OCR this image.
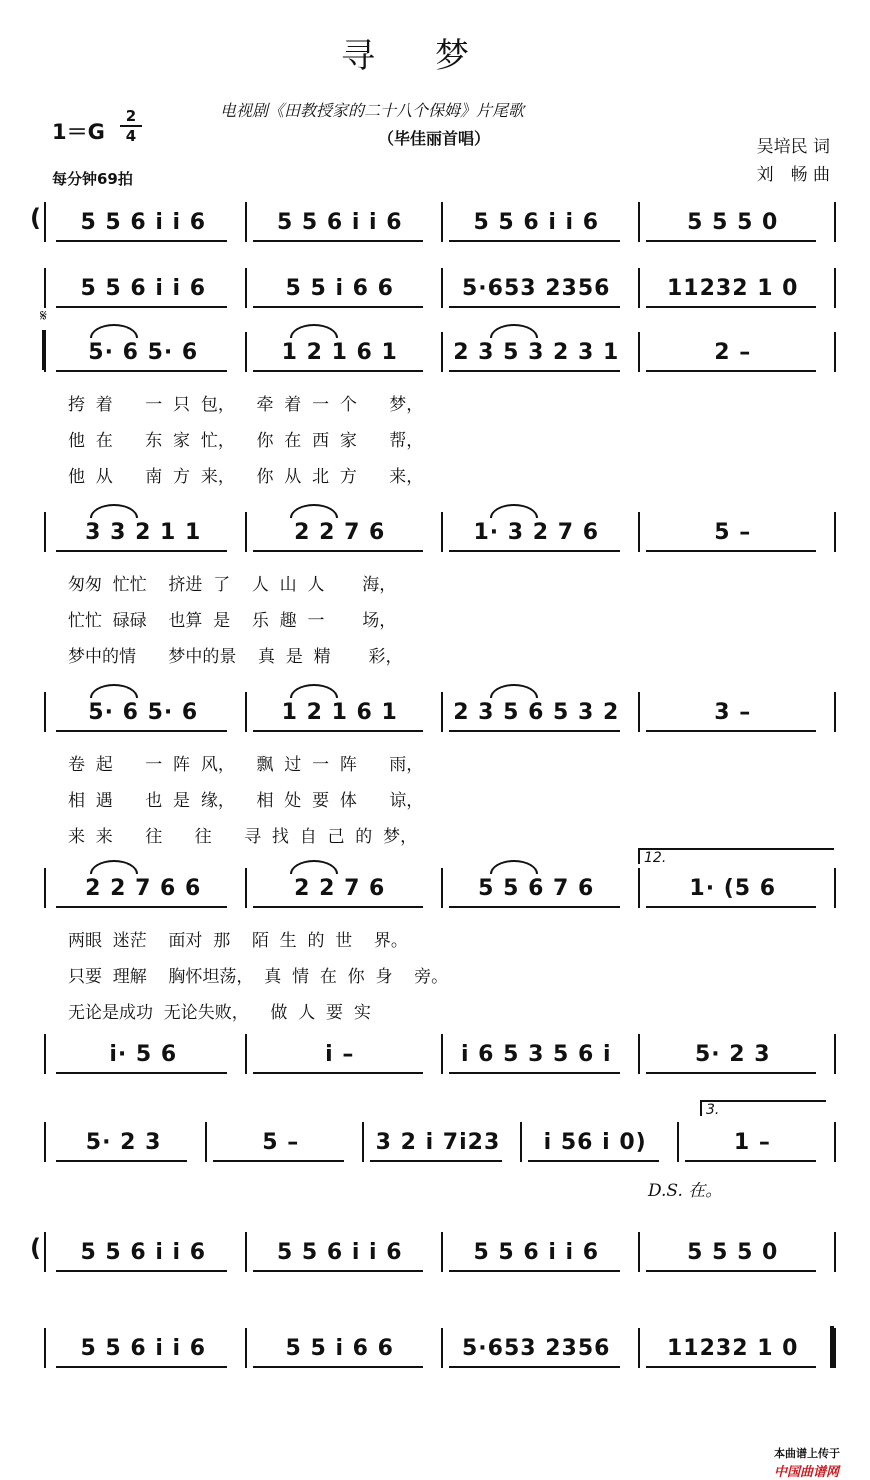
寻梦
电视剧《田教授家的二十八个保姆》片尾歌
（毕佳丽首唱）
1＝G
2
4
每分钟69拍
吴培民 词
刘　畅 曲
(	5 5 6 i i 6	5 5 6 i i 6	5 5 6 i i 6	5 5 5 0
5 5 6 i i 6	5 5 i 6 6	5·653 2356	11232 1 0
𝄋
5· 6 5· 6	1 2 1 6 1	2 3 5 3 2 3 1	2 –
挎  着      一  只  包，    牵  着  一  个      梦，
他  在      东  家  忙，    你  在  西  家      帮，
他  从      南  方  来，    你  从  北  方      来，
3 3 2 1 1	2 2 7 6	1· 3 2 7 6	5 –
匆匆  忙忙    挤进  了    人  山  人       海，
忙忙  碌碌    也算  是    乐  趣  一       场，
梦中的情      梦中的景    真  是  精       彩，
5· 6 5· 6	1 2 1 6 1	2 3 5 6 5 3 2	3 –
卷  起      一  阵  风，    飘  过  一  阵      雨，
相  遇      也  是  缘，    相  处  要  体      谅，
来  来      往      往      寻  找  自  己  的  梦，
2 2 7 6 6	2 2 7 6	5 5 6 7 6	1· (5 6
两眼  迷茫    面对  那    陌  生  的  世    界。
只要  理解    胸怀坦荡，  真  情  在  你  身    旁。
无论是成功  无论失败，    做  人  要  实
i· 5 6	i –	i 6 5 3 5 6 i	5· 2 3
5· 2 3	5 –	3 2 i 7i23	i 56 i 0)	1 –
(	5 5 6 i i 6	5 5 6 i i 6	5 5 6 i i 6	5 5 5 0
5 5 6 i i 6	5 5 i 6 6	5·653 2356	11232 1 0
12.
3.
D.S. 在。

本曲谱上传于
中国曲谱网
